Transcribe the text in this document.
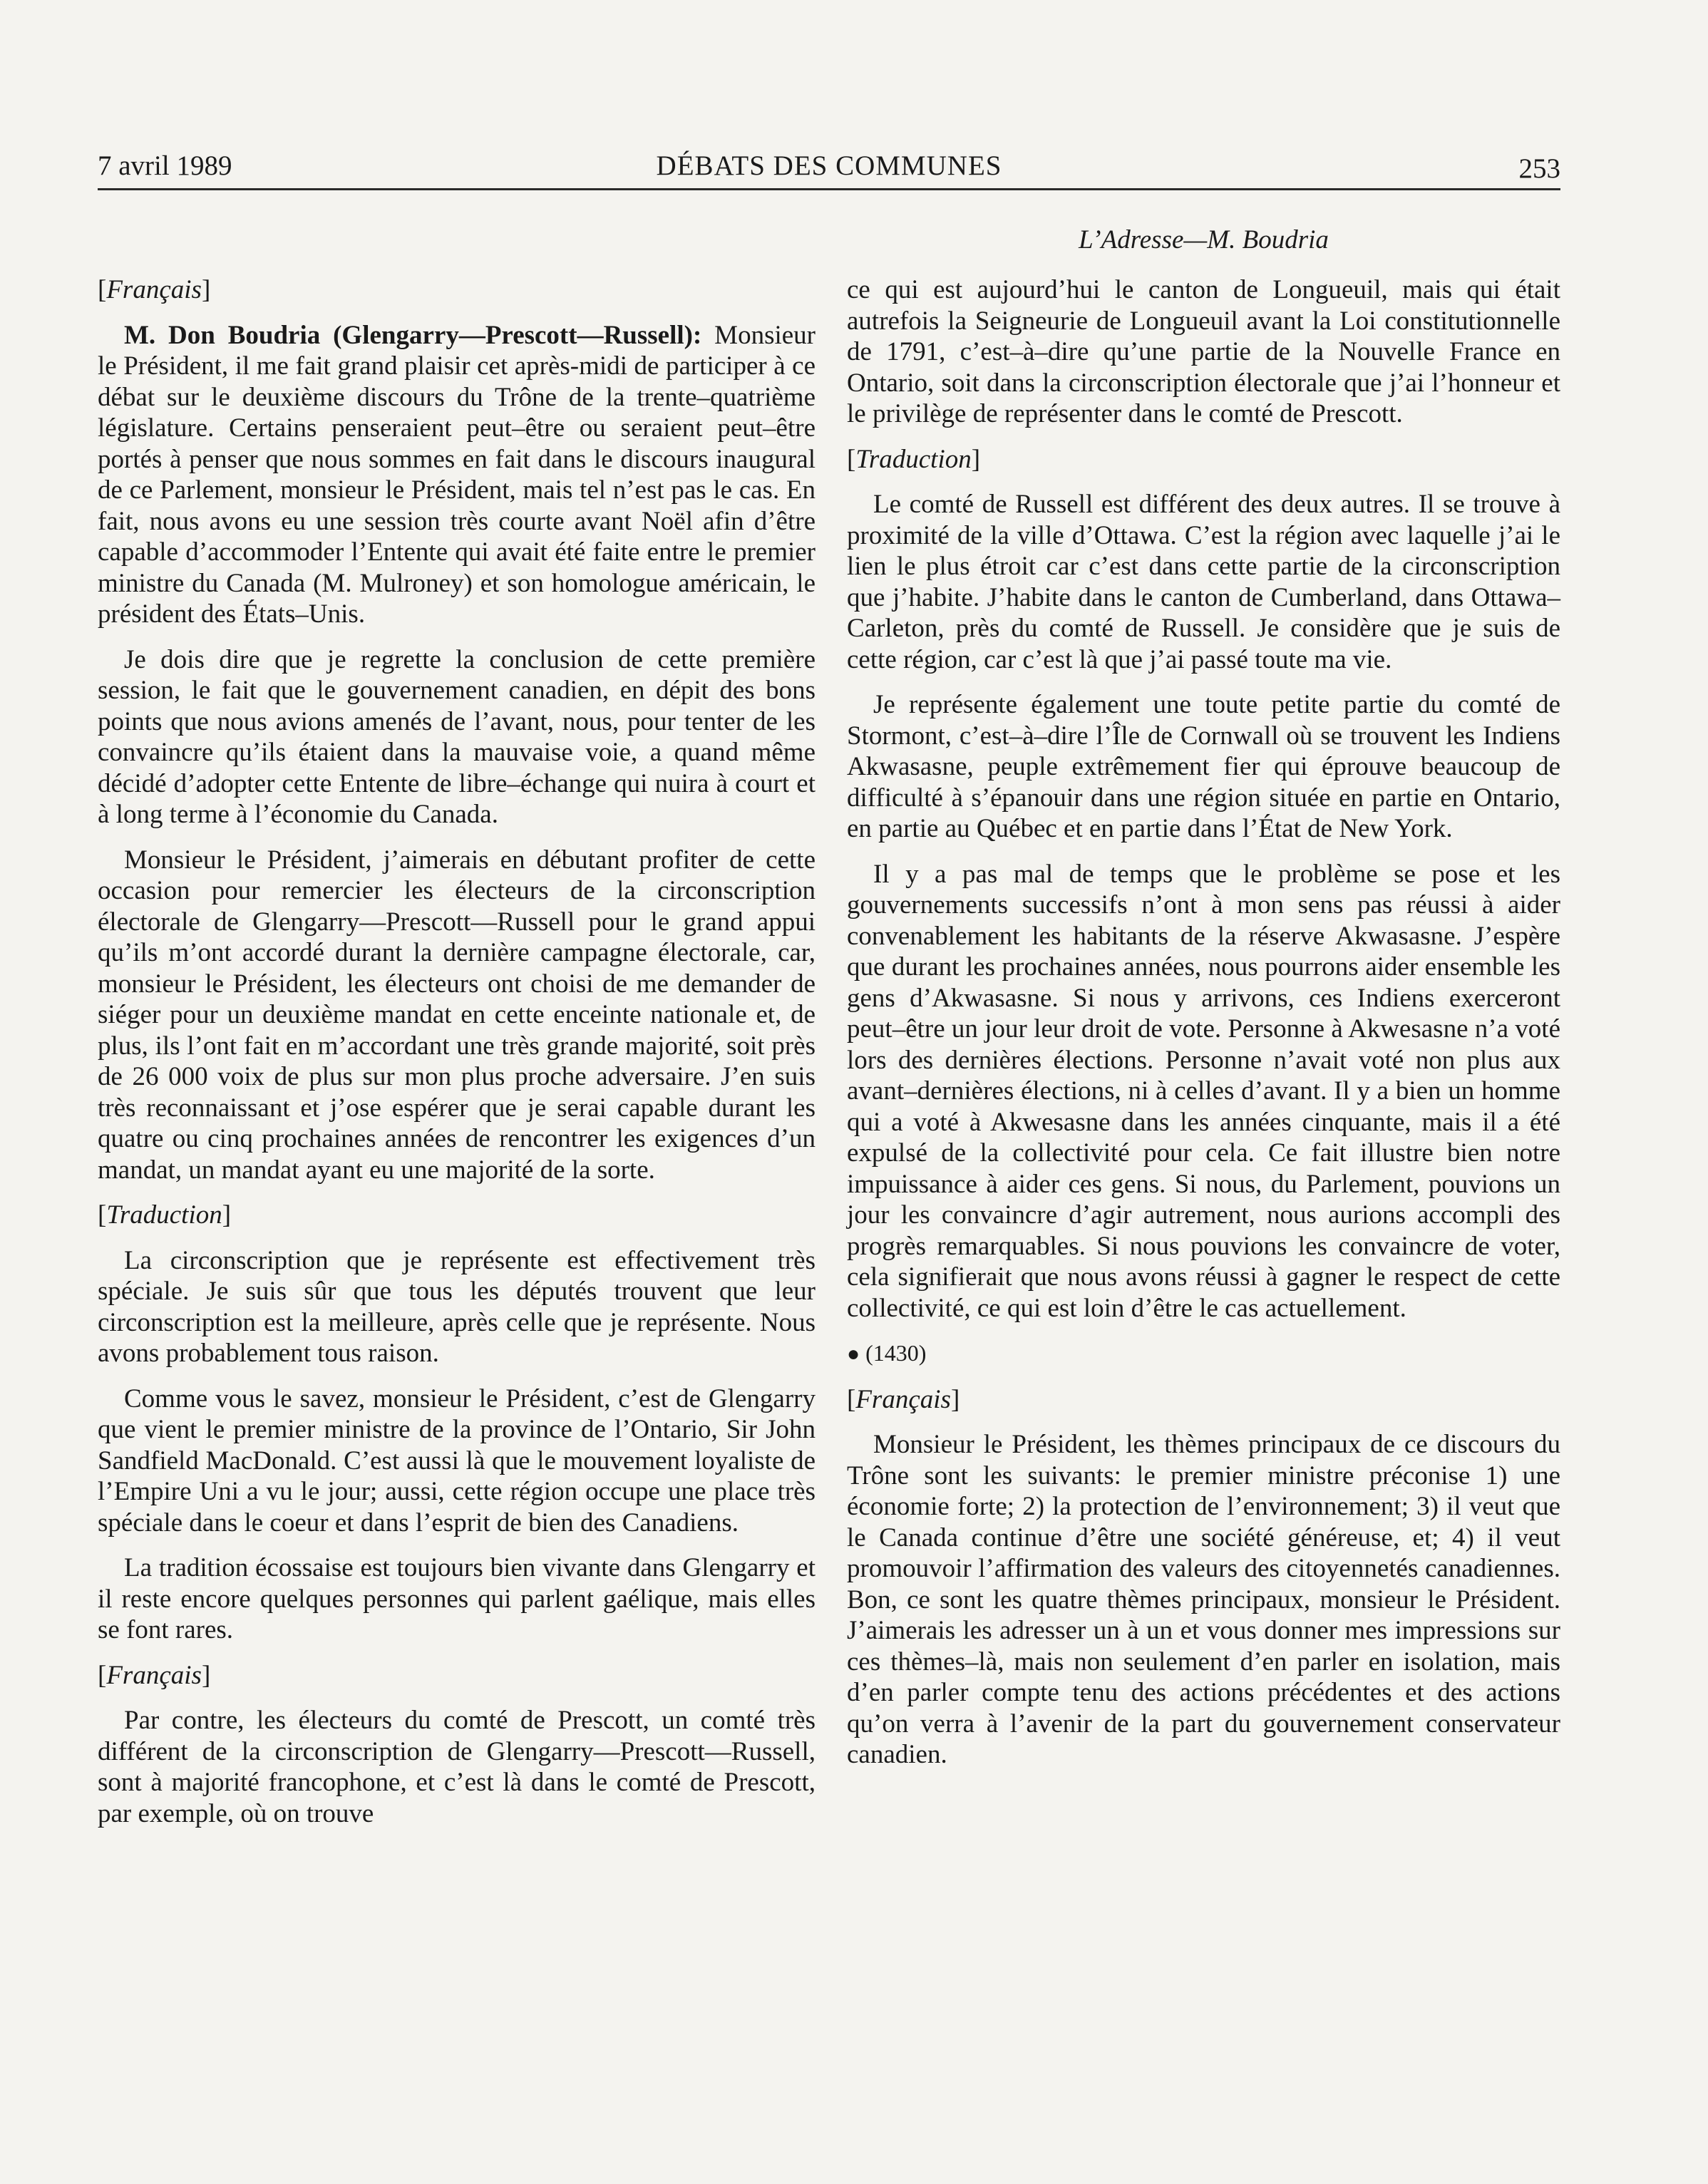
7 avril 1989	DÉBATS DES COMMUNES	253
L’Adresse—M. Boudria
[Français]

M. Don Boudria (Glengarry—Prescott—Russell): Monsieur le Président, il me fait grand plaisir cet après-midi de participer à ce débat sur le deuxième discours du Trône de la trente–quatrième législature. Certains penseraient peut–être ou seraient peut–être portés à penser que nous sommes en fait dans le discours inaugural de ce Parlement, monsieur le Président, mais tel n’est pas le cas. En fait, nous avons eu une session très courte avant Noël afin d’être capable d’accommoder l’Entente qui avait été faite entre le premier ministre du Canada (M. Mulroney) et son homologue américain, le président des États–Unis.

Je dois dire que je regrette la conclusion de cette première session, le fait que le gouvernement canadien, en dépit des bons points que nous avions amenés de l’avant, nous, pour tenter de les convaincre qu’ils étaient dans la mauvaise voie, a quand même décidé d’adopter cette Entente de libre–échange qui nuira à court et à long terme à l’économie du Canada.

Monsieur le Président, j’aimerais en débutant profiter de cette occasion pour remercier les électeurs de la circonscription électorale de Glengarry—Prescott—Russell pour le grand appui qu’ils m’ont accordé durant la dernière campagne électorale, car, monsieur le Président, les électeurs ont choisi de me demander de siéger pour un deuxième mandat en cette enceinte nationale et, de plus, ils l’ont fait en m’accordant une très grande majorité, soit près de 26 000 voix de plus sur mon plus proche adversaire. J’en suis très reconnaissant et j’ose espérer que je serai capable durant les quatre ou cinq prochaines années de rencontrer les exigences d’un mandat, un mandat ayant eu une majorité de la sorte.

[Traduction]

La circonscription que je représente est effectivement très spéciale. Je suis sûr que tous les députés trouvent que leur circonscription est la meilleure, après celle que je représente. Nous avons probablement tous raison.

Comme vous le savez, monsieur le Président, c’est de Glengarry que vient le premier ministre de la province de l’Ontario, Sir John Sandfield MacDonald. C’est aussi là que le mouvement loyaliste de l’Empire Uni a vu le jour; aussi, cette région occupe une place très spéciale dans le coeur et dans l’esprit de bien des Canadiens.

La tradition écossaise est toujours bien vivante dans Glengarry et il reste encore quelques personnes qui parlent gaélique, mais elles se font rares.

[Français]

Par contre, les électeurs du comté de Prescott, un comté très différent de la circonscription de Glengarry—Prescott—Russell, sont à majorité francophone, et c’est là dans le comté de Prescott, par exemple, où on trouve

ce qui est aujourd’hui le canton de Longueuil, mais qui était autrefois la Seigneurie de Longueuil avant la Loi constitutionnelle de 1791, c’est–à–dire qu’une partie de la Nouvelle France en Ontario, soit dans la circonscription électorale que j’ai l’honneur et le privilège de représenter dans le comté de Prescott.

[Traduction]

Le comté de Russell est différent des deux autres. Il se trouve à proximité de la ville d’Ottawa. C’est la région avec laquelle j’ai le lien le plus étroit car c’est dans cette partie de la circonscription que j’habite. J’habite dans le canton de Cumberland, dans Ottawa–Carleton, près du comté de Russell. Je considère que je suis de cette région, car c’est là que j’ai passé toute ma vie.

Je représente également une toute petite partie du comté de Stormont, c’est–à–dire l’Île de Cornwall où se trouvent les Indiens Akwasasne, peuple extrêmement fier qui éprouve beaucoup de difficulté à s’épanouir dans une région située en partie en Ontario, en partie au Québec et en partie dans l’État de New York.

Il y a pas mal de temps que le problème se pose et les gouvernements successifs n’ont à mon sens pas réussi à aider convenablement les habitants de la réserve Akwasasne. J’espère que durant les prochaines années, nous pourrons aider ensemble les gens d’Akwasasne. Si nous y arrivons, ces Indiens exerceront peut–être un jour leur droit de vote. Personne à Akwesasne n’a voté lors des dernières élections. Personne n’avait voté non plus aux avant–dernières élections, ni à celles d’avant. Il y a bien un homme qui a voté à Akwesasne dans les années cinquante, mais il a été expulsé de la collectivité pour cela. Ce fait illustre bien notre impuissance à aider ces gens. Si nous, du Parlement, pouvions un jour les convaincre d’agir autrement, nous aurions accompli des progrès remarquables. Si nous pouvions les convaincre de voter, cela signifierait que nous avons réussi à gagner le respect de cette collectivité, ce qui est loin d’être le cas actuellement.

● (1430)
[Français]

Monsieur le Président, les thèmes principaux de ce discours du Trône sont les suivants: le premier ministre préconise 1) une économie forte; 2) la protection de l’environnement; 3) il veut que le Canada continue d’être une société généreuse, et; 4) il veut promouvoir l’affirmation des valeurs des citoyennetés canadiennes. Bon, ce sont les quatre thèmes principaux, monsieur le Président. J’aimerais les adresser un à un et vous donner mes impressions sur ces thèmes–là, mais non seulement d’en parler en isolation, mais d’en parler compte tenu des actions précédentes et des actions qu’on verra à l’avenir de la part du gouvernement conservateur canadien.
